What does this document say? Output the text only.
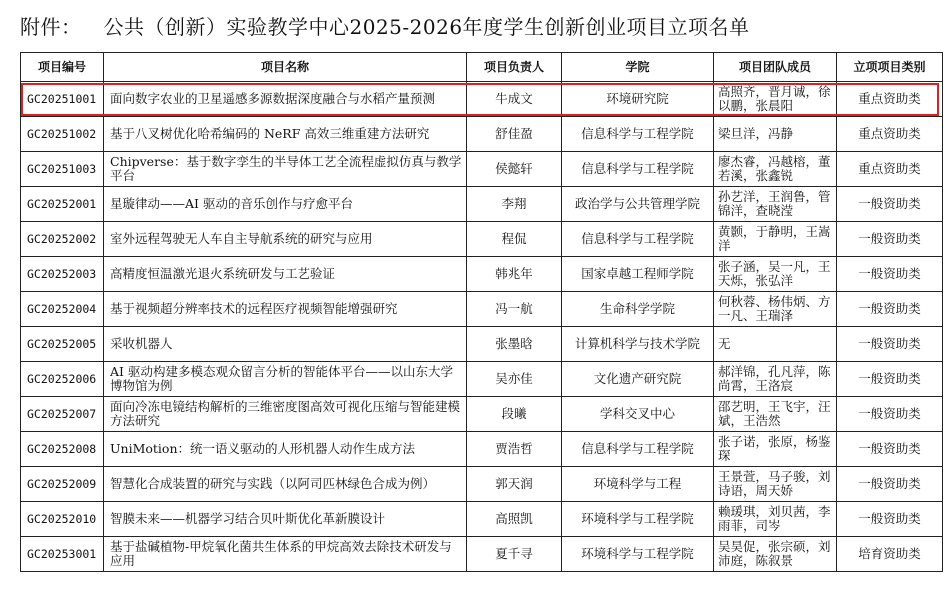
附件： 公共（创新）实验教学中心2025-2026年度学生创新创业项目立项名单
项目编号	项目名称	项目负责人	学院	项目团队成员	立项项目类别
GC20251001	面向数字农业的卫星遥感多源数据深度融合与水稻产量预测	牛成文	环境研究院	高照齐，晋月诚，徐以鹏，张晨阳	重点资助类
GC20251002	基于八叉树优化哈希编码的 NeRF 高效三维重建方法研究	舒佳盈	信息科学与工程学院	梁旦洋，冯静	重点资助类
GC20251003	Chipverse：基于数字孪生的半导体工艺全流程虚拟仿真与教学平台	侯懿轩	信息科学与工程学院	廖杰睿，冯越榕，董若溪，张鑫锐	重点资助类
GC20252001	星璇律动——AI 驱动的音乐创作与疗愈平台	李翔	政治学与公共管理学院	孙艺洋，王润鲁，管锦洋，查晓滢	一般资助类
GC20252002	室外远程驾驶无人车自主导航系统的研究与应用	程侃	信息科学与工程学院	黄颢，于静明，王嵩洋	一般资助类
GC20252003	高精度恒温激光退火系统研发与工艺验证	韩兆年	国家卓越工程师学院	张子涵，吴一凡，王天烁，张弘洋	一般资助类
GC20252004	基于视频超分辨率技术的远程医疗视频智能增强研究	冯一航	生命科学学院	何秋蓉、杨伟炳、方一凡、王瑞泽	一般资助类
GC20252005	采收机器人	张墨晗	计算机科学与技术学院	无	一般资助类
GC20252006	AI 驱动构建多模态观众留言分析的智能体平台——以山东大学博物馆为例	吴亦佳	文化遗产研究院	郝洋锦，孔凡萍，陈尚霄，王洛宸	一般资助类
GC20252007	面向冷冻电镜结构解析的三维密度图高效可视化压缩与智能建模方法研究	段曦	学科交叉中心	邵艺明，王飞宇，汪斌，王浩然	一般资助类
GC20252008	UniMotion：统一语义驱动的人形机器人动作生成方法	贾浩哲	信息科学与工程学院	张子诺，张原，杨鉴琛	一般资助类
GC20252009	智慧化合成装置的研究与实践（以阿司匹林绿色合成为例）	郭天润	环境科学与工程	王景萱，马子骏，刘诗语，周天娇	一般资助类
GC20252010	智膜未来——机器学习结合贝叶斯优化革新膜设计	高照凯	环境科学与工程学院	赖瑗琪，刘贝茜，李雨菲，司岑	一般资助类
GC20253001	基于盐碱植物-甲烷氧化菌共生体系的甲烷高效去除技术研发与应用	夏千寻	环境科学与工程学院	吴昊促，张宗硕，刘沛庭，陈叙景	培育资助类
